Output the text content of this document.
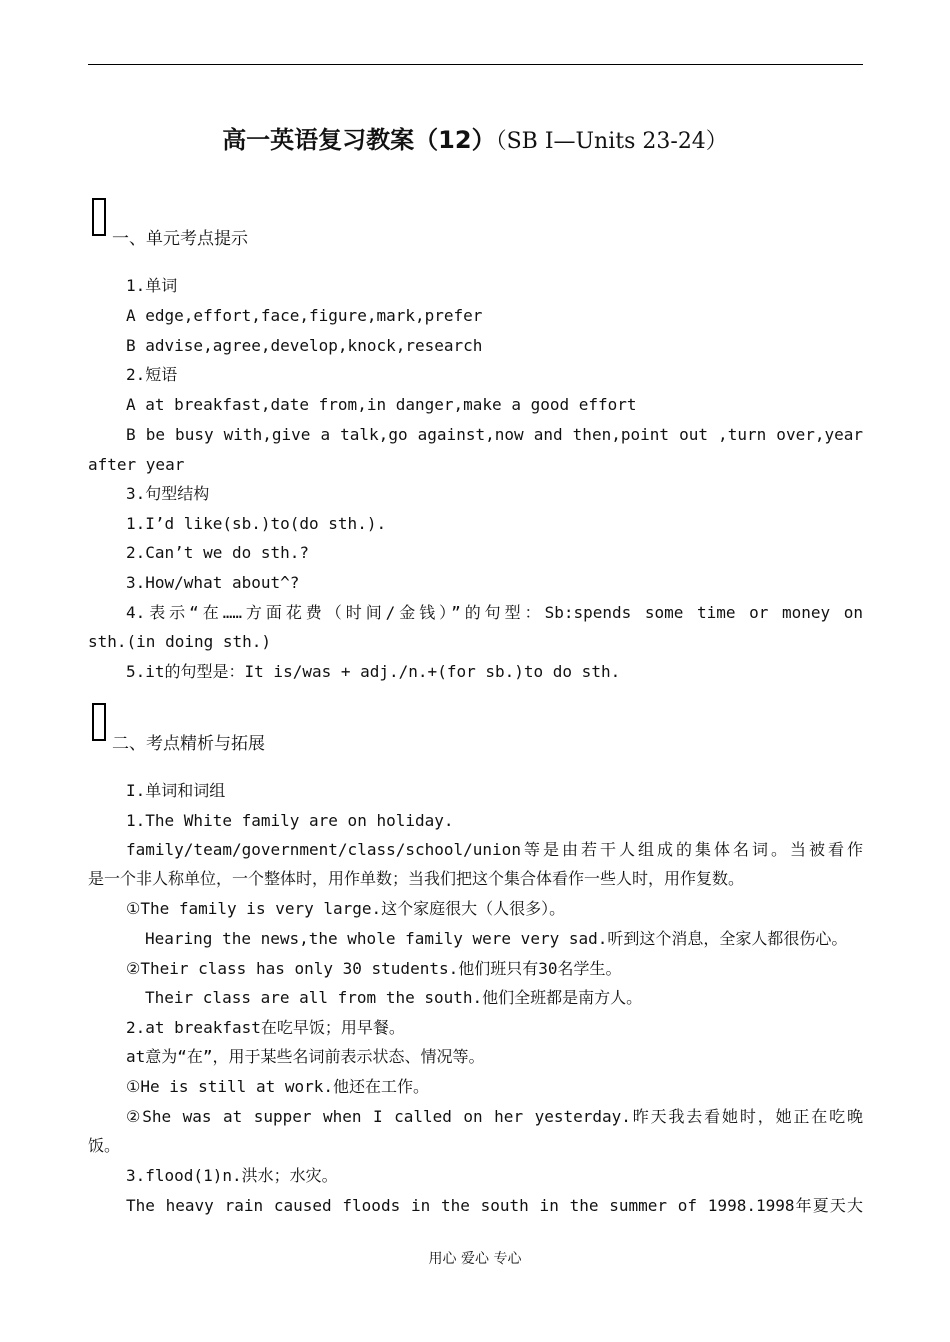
高一英语复习教案（12）（SB I—Units 23-24）
一、单元考点提示
1.单词
A edge,effort,face,figure,mark,prefer
B advise,agree,develop,knock,research
2.短语
A at breakfast,date from,in danger,make a good effort
B be busy with,give a talk,go against,now and then,point out ,turn over,year
after year
3.句型结构
1.I’d like(sb.)to(do sth.).
2.Can’t we do sth.?
3.How/what about^?
4.表示“在……方面花费（时间/金钱）”的句型：Sb:spends some time or money on
sth.(in doing sth.)
5.it的句型是：It is/was + adj./n.+(for sb.)to do sth.
二、考点精析与拓展
I.单词和词组
1.The White family are on holiday.
family/team/government/class/school/union等是由若干人组成的集体名词。当被看作
是一个非人称单位，一个整体时，用作单数；当我们把这个集合体看作一些人时，用作复数。
①The family is very large.这个家庭很大（人很多）。
Hearing the news,the whole family were very sad.听到这个消息，全家人都很伤心。
②Their class has only 30 students.他们班只有30名学生。
Their class are all from the south.他们全班都是南方人。
2.at breakfast在吃早饭；用早餐。
at意为“在”，用于某些名词前表示状态、情况等。
①He is still at work.他还在工作。
②She was at supper when I called on her yesterday.昨天我去看她时，她正在吃晚
饭。
3.flood(1)n.洪水；水灾。
The heavy rain caused floods in the south in the summer of 1998.1998年夏天大
用心 爱心 专心
